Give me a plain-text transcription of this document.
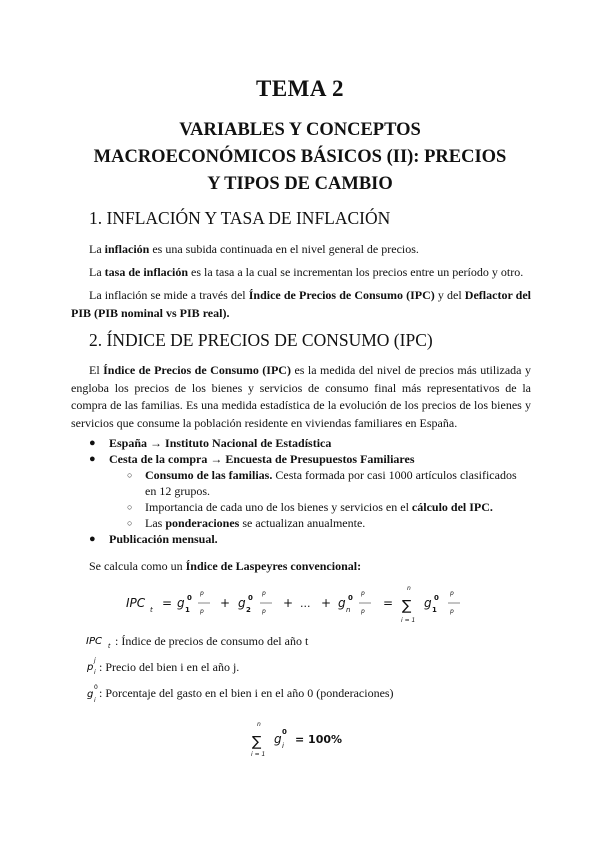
TEMA 2
VARIABLES Y CONCEPTOS
MACROECONÓMICOS BÁSICOS (II): PRECIOS
Y TIPOS DE CAMBIO
1. INFLACIÓN Y TASA DE INFLACIÓN
La inflación es una subida continuada en el nivel general de precios.
La tasa de inflación es la tasa a la cual se incrementan los precios entre un período y otro.
La inflación se mide a través del Índice de Precios de Consumo (IPC) y del Deflactor del PIB (PIB nominal vs PIB real).
2. ÍNDICE DE PRECIOS DE CONSUMO (IPC)
El Índice de Precios de Consumo (IPC) es la medida del nivel de precios más utilizada y engloba los precios de los bienes y servicios de consumo final más representativos de la compra de las familias. Es una medida estadística de la evolución de los precios de los bienes y servicios que consume la población residente en viviendas familiares en España.
● España → Instituto Nacional de Estadística
● Cesta de la compra → Encuesta de Presupuestos Familiares
○ Consumo de las familias. Cesta formada por casi 1000 artículos clasificados
en 12 grupos.
○ Importancia de cada uno de los bienes y servicios en el cálculo del IPC.
○ Las ponderaciones se actualizan anualmente.
● Publicación mensual.
Se calcula como un Índice de Laspeyres convencional:
IPC t = g 1
0
p
p
+ g 2
0
p
p
+ ... + g n
0
p
p
=
n
∑
i = 1
g 1
0
p
p
IPC t : Índice de precios de consumo del año t
p
j
i : Precio del bien i en el año j.
g
0
i
: Porcentaje del gasto en el bien i en el año 0 (ponderaciones)
n
∑
i = 1
g 0
i = 100%
